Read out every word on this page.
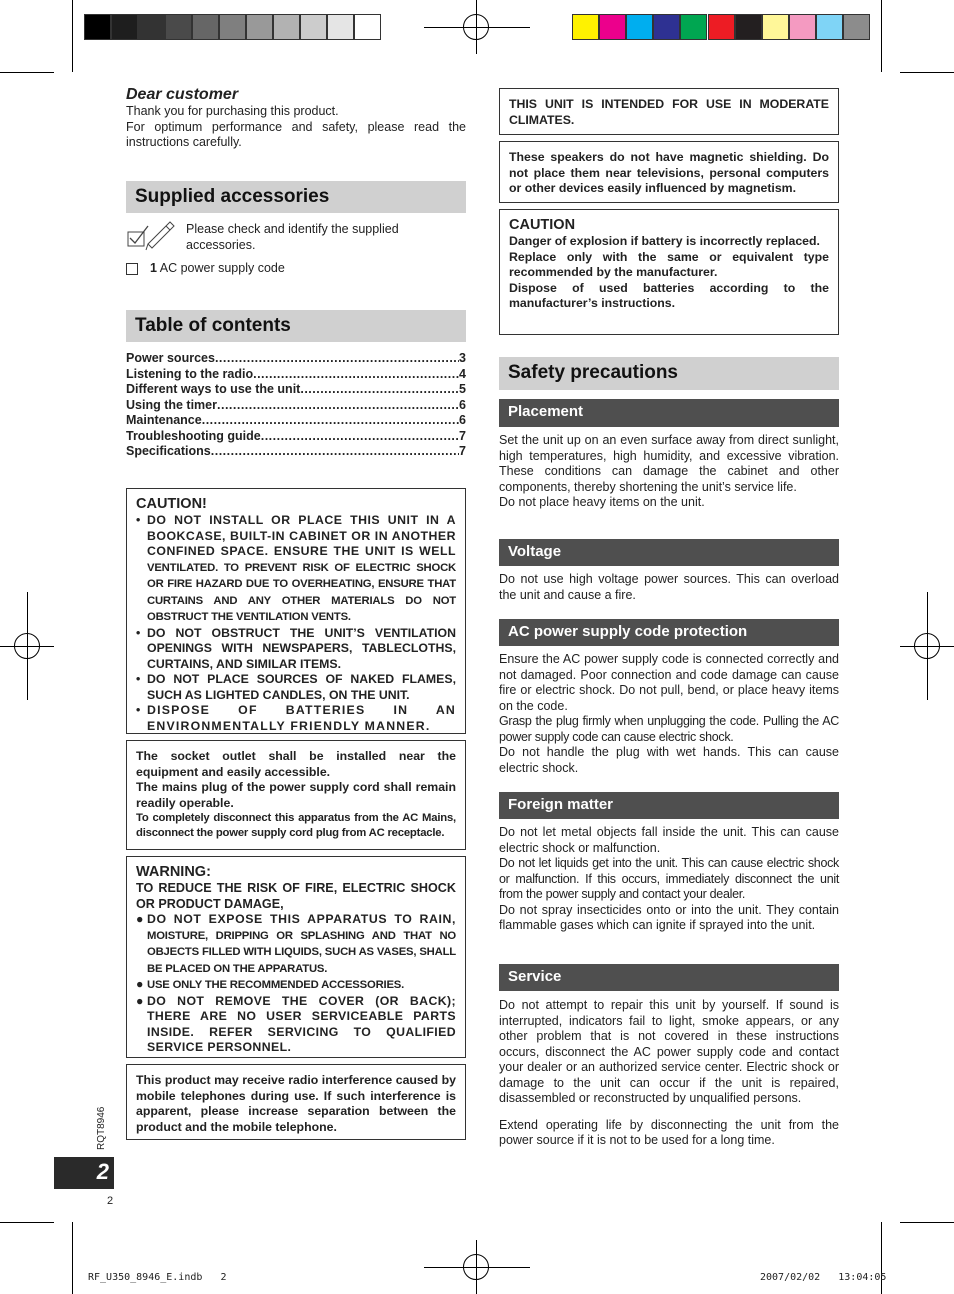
Dear customer
Thank you for purchasing this product.
For optimum performance and safety, please read the instructions carefully.
Supplied accessories
Please check and identify the supplied accessories.
1 AC power supply code
Table of contents
Power sources .....	3
Listening to the radio .....	4
Different ways to use the unit .....	5
Using the timer .....	6
Maintenance .....	6
Troubleshooting guide .....	7
Specifications .....	7
CAUTION!
• DO NOT INSTALL OR PLACE THIS UNIT IN A BOOKCASE, BUILT-IN CABINET OR IN ANOTHER CONFINED SPACE. ENSURE THE UNIT IS WELL VENTILATED. TO PREVENT RISK OF ELECTRIC SHOCK OR FIRE HAZARD DUE TO OVERHEATING, ENSURE THAT CURTAINS AND ANY OTHER MATERIALS DO NOT OBSTRUCT THE VENTILATION VENTS.
• DO NOT OBSTRUCT THE UNIT’S VENTILATION OPENINGS WITH NEWSPAPERS, TABLECLOTHS, CURTAINS, AND SIMILAR ITEMS.
• DO NOT PLACE SOURCES OF NAKED FLAMES, SUCH AS LIGHTED CANDLES, ON THE UNIT.
• DISPOSE OF BATTERIES IN AN ENVIRONMENTALLY FRIENDLY MANNER.
The socket outlet shall be installed near the equipment and easily accessible.
The mains plug of the power supply cord shall remain readily operable.
To completely disconnect this apparatus from the AC Mains, disconnect the power supply cord plug from AC receptacle.
WARNING:
TO REDUCE THE RISK OF FIRE, ELECTRIC SHOCK OR PRODUCT DAMAGE,
● DO NOT EXPOSE THIS APPARATUS TO RAIN, MOISTURE, DRIPPING OR SPLASHING AND THAT NO OBJECTS FILLED WITH LIQUIDS, SUCH AS VASES, SHALL BE PLACED ON THE APPARATUS.
● USE ONLY THE RECOMMENDED ACCESSORIES.
● DO NOT REMOVE THE COVER (OR BACK); THERE ARE NO USER SERVICEABLE PARTS INSIDE. REFER SERVICING TO QUALIFIED SERVICE PERSONNEL.
This product may receive radio interference caused by mobile telephones during use. If such interference is apparent, please increase separation between the product and the mobile telephone.
THIS UNIT IS INTENDED FOR USE IN MODERATE CLIMATES.
These speakers do not have magnetic shielding. Do not place them near televisions, personal computers or other devices easily influenced by magnetism.
CAUTION
Danger of explosion if battery is incorrectly replaced.
Replace only with the same or equivalent type recommended by the manufacturer.
Dispose of used batteries according to the manufacturer’s instructions.
Safety precautions
Placement
Set the unit up on an even surface away from direct sunlight, high temperatures, high humidity, and excessive vibration. These conditions can damage the cabinet and other components, thereby shortening the unit’s service life.
Do not place heavy items on the unit.
Voltage
Do not use high voltage power sources. This can overload the unit and cause a fire.
AC power supply code protection
Ensure the AC power supply code is connected correctly and not damaged. Poor connection and code damage can cause fire or electric shock. Do not pull, bend, or place heavy items on the code.
Grasp the plug firmly when unplugging the code. Pulling the AC power supply code can cause electric shock.
Do not handle the plug with wet hands. This can cause electric shock.
Foreign matter
Do not let metal objects fall inside the unit. This can cause electric shock or malfunction.
Do not let liquids get into the unit. This can cause electric shock or malfunction. If this occurs, immediately disconnect the unit from the power supply and contact your dealer.
Do not spray insecticides onto or into the unit. They contain flammable gases which can ignite if sprayed into the unit.
Service
Do not attempt to repair this unit by yourself. If sound is interrupted, indicators fail to light, smoke appears, or any other problem that is not covered in these instructions occurs, disconnect the AC power supply code and contact your dealer or an authorized service center. Electric shock or damage to the unit can occur if the unit is repaired, disassembled or reconstructed by unqualified persons.
Extend operating life by disconnecting the unit from the power source if it is not to be used for a long time.
RQT8946
2
2
RF_U350_8946_E.indb   2	2007/02/02   13:04:05
